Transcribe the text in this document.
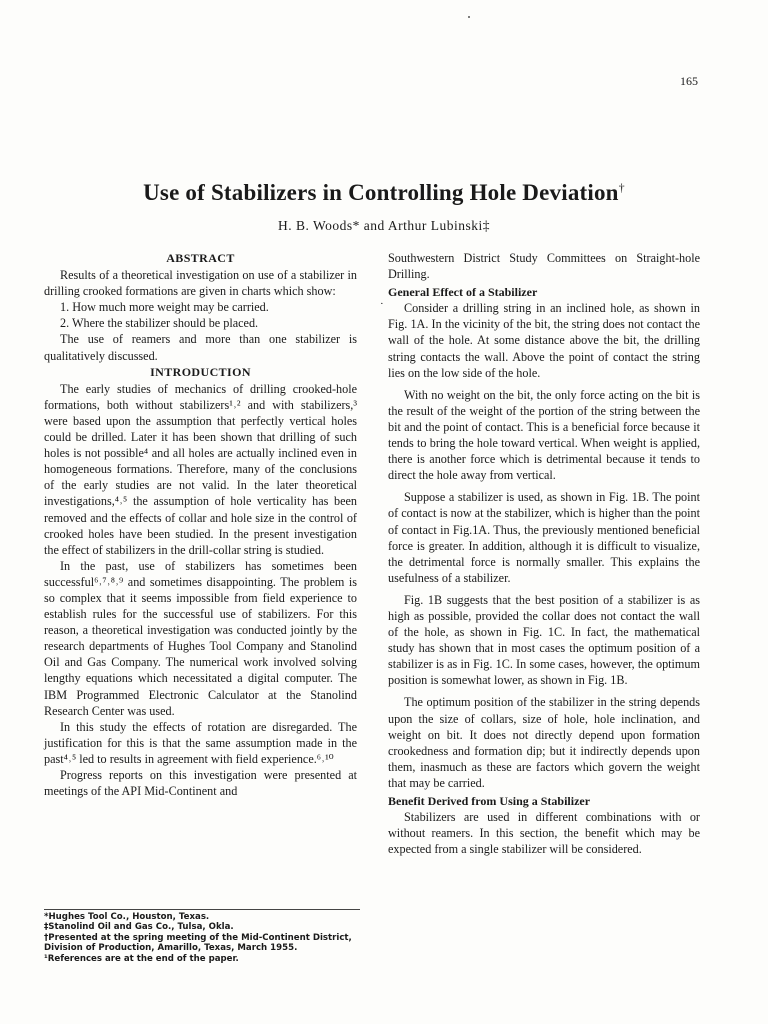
165
Use of Stabilizers in Controlling Hole Deviation†
H. B. Woods* and Arthur Lubinski‡
ABSTRACT

Results of a theoretical investigation on use of a stabilizer in drilling crooked formations are given in charts which show:

1. How much more weight may be carried.

2. Where the stabilizer should be placed.

The use of reamers and more than one stabilizer is qualitatively discussed.

INTRODUCTION

The early studies of mechanics of drilling crooked-hole formations, both without stabilizers¹˒² and with stabilizers,³ were based upon the assumption that perfectly vertical holes could be drilled. Later it has been shown that drilling of such holes is not possible⁴ and all holes are actually inclined even in homogeneous formations. Therefore, many of the conclusions of the early studies are not valid. In the later theoretical investigations,⁴˒⁵ the assumption of hole verticality has been removed and the effects of collar and hole size in the control of crooked holes have been studied. In the present investigation the effect of stabilizers in the drill-collar string is studied.

In the past, use of stabilizers has sometimes been successful⁶˒⁷˒⁸˒⁹ and sometimes disappointing. The problem is so complex that it seems impossible from field experience to establish rules for the successful use of stabilizers. For this reason, a theoretical investigation was conducted jointly by the research departments of Hughes Tool Company and Stanolind Oil and Gas Company. The numerical work involved solving lengthy equations which necessitated a digital computer. The IBM Programmed Electronic Calculator at the Stanolind Research Center was used.

In this study the effects of rotation are disregarded. The justification for this is that the same assumption made in the past⁴˒⁵ led to results in agreement with field experience.⁶˒¹⁰

Progress reports on this investigation were presented at meetings of the API Mid-Continent and

·

Southwestern District Study Committees on Straight-hole Drilling.

General Effect of a Stabilizer

Consider a drilling string in an inclined hole, as shown in Fig. 1A. In the vicinity of the bit, the string does not contact the wall of the hole. At some distance above the bit, the drilling string contacts the wall. Above the point of contact the string lies on the low side of the hole.

With no weight on the bit, the only force acting on the bit is the result of the weight of the portion of the string between the bit and the point of contact. This is a beneficial force because it tends to bring the hole toward vertical. When weight is applied, there is another force which is detrimental because it tends to direct the hole away from vertical.

Suppose a stabilizer is used, as shown in Fig. 1B. The point of contact is now at the stabilizer, which is higher than the point of contact in Fig.1A. Thus, the previously mentioned beneficial force is greater. In addition, although it is difficult to visualize, the detrimental force is normally smaller. This explains the usefulness of a stabilizer.

Fig. 1B suggests that the best position of a stabilizer is as high as possible, provided the collar does not contact the wall of the hole, as shown in Fig. 1C. In fact, the mathematical study has shown that in most cases the optimum position of a stabilizer is as in Fig. 1C. In some cases, however, the optimum position is somewhat lower, as shown in Fig. 1B.

The optimum position of the stabilizer in the string depends upon the size of collars, size of hole, hole inclination, and weight on bit. It does not directly depend upon formation crookedness and formation dip; but it indirectly depends upon them, inasmuch as these are factors which govern the weight that may be carried.

Benefit Derived from Using a Stabilizer

Stabilizers are used in different combinations with or without reamers. In this section, the benefit which may be expected from a single stabilizer will be considered.

*Hughes Tool Co., Houston, Texas.
‡Stanolind Oil and Gas Co., Tulsa, Okla.
†Presented at the spring meeting of the Mid-Continent District,
Division of Production, Amarillo, Texas, March 1955.
¹References are at the end of the paper.
